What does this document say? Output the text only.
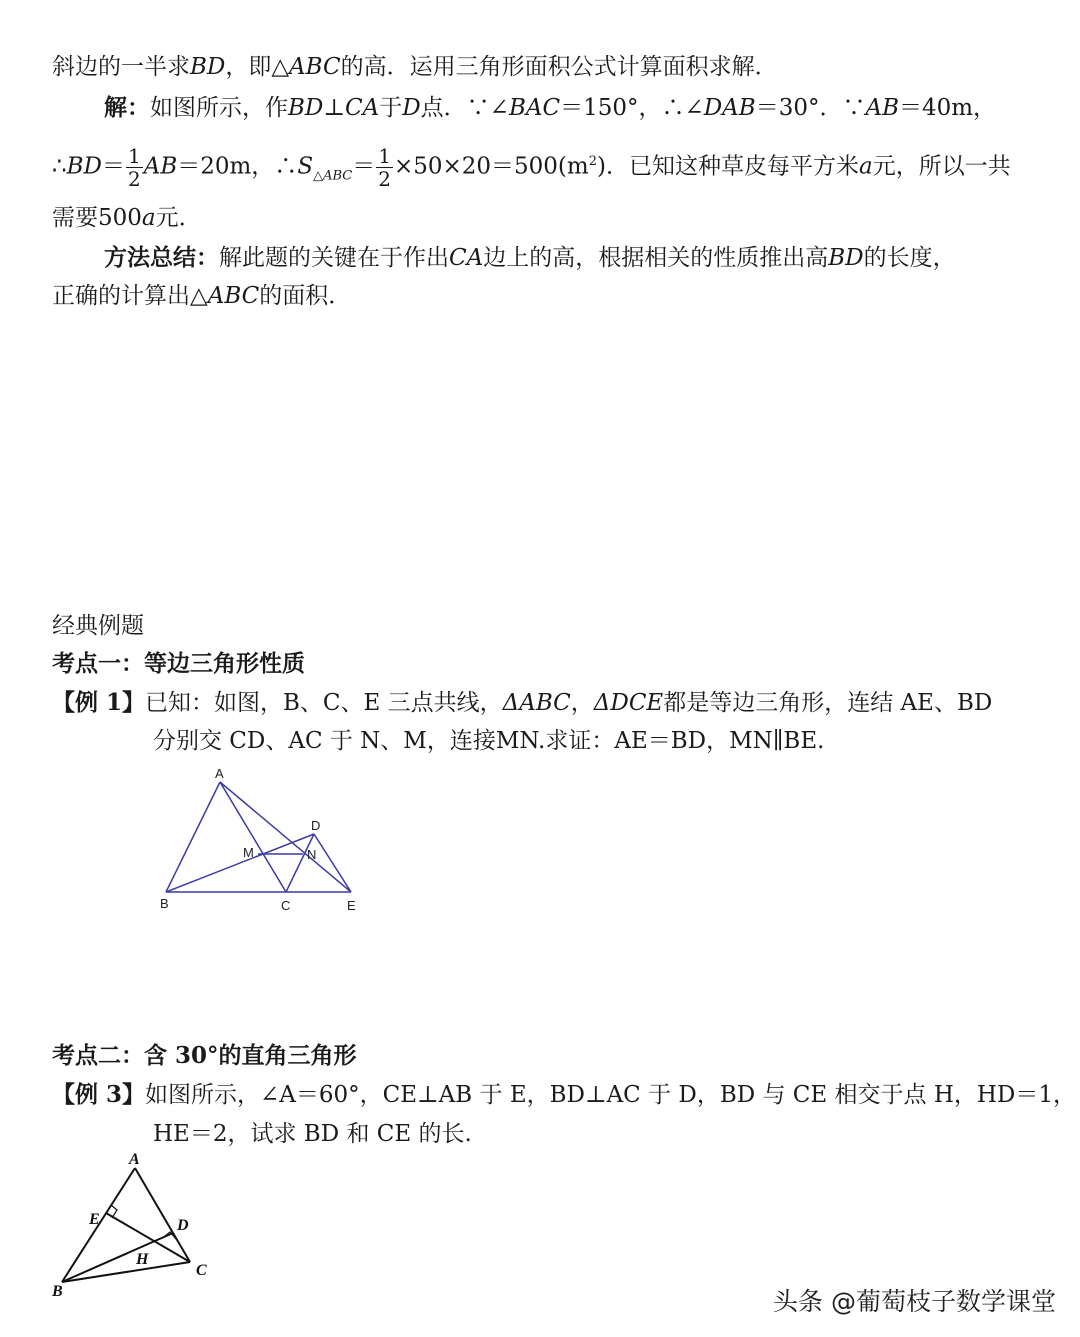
斜边的一半求BD，即△ABC的高．运用三角形面积公式计算面积求解．
解：如图所示，作BD⊥CA于D点．∵∠BAC＝150°，∴∠DAB＝30°．∵AB＝40m，
∴BD＝ $\frac{1}{2} AB=20m$，$\therefore S_{\triangle ABC}= \frac{1}{2} \times 50\times 20=500(m^2)$．已知这种草皮每平方米a元，所以一共
需要500a元．
方法总结：解此题的关键在于作出CA边上的高，根据相关的性质推出高BD的长度，
正确的计算出△ABC的面积．
经典例题
考点一：等边三角形性质
【例 1】已知：如图，B、C、E 三点共线，ΔABC，ΔDCE都是等边三角形，连结 AE、BD
分别交 CD、AC 于 N、M，连接MN.求证：AE＝BD，MN∥BE.
A
B	C
D
E
M	N
考点二：含 30°的直角三角形
【例 3】如图所示，∠A＝60°，CE⊥AB 于 E，BD⊥AC 于 D，BD 与 CE 相交于点 H，HD＝1，
HE＝2，试求 BD 和 CE 的长.
A
B
C
D
E
H
头条 @葡萄枝子数学课堂
